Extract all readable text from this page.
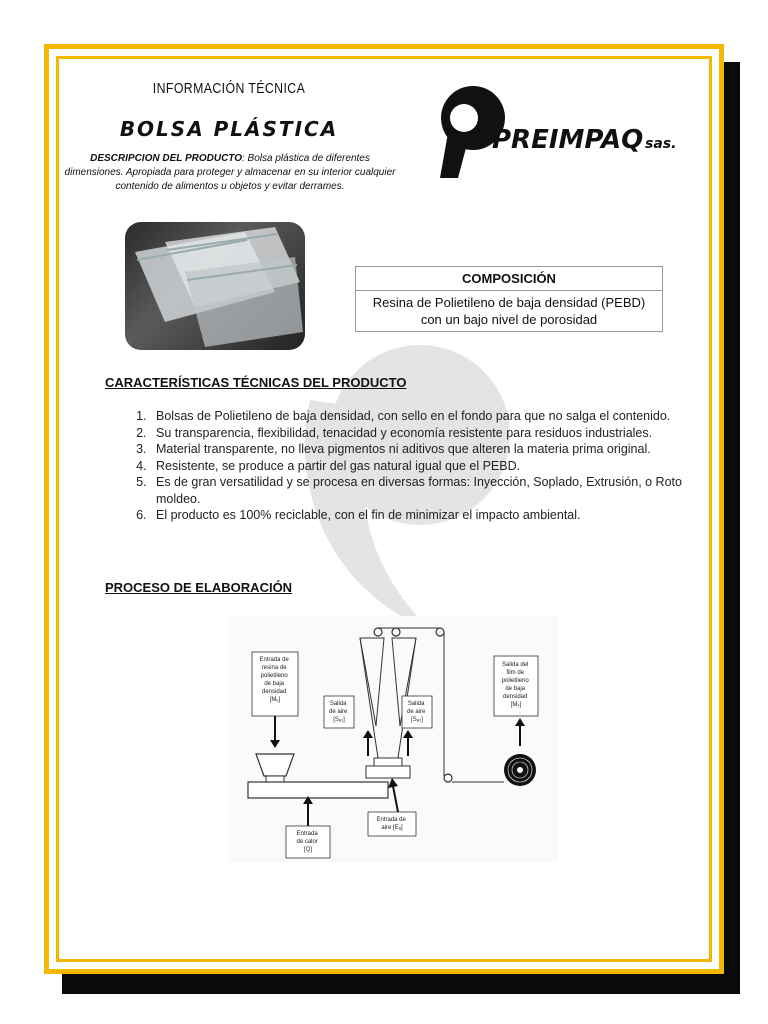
INFORMACIÓN TÉCNICA
BOLSA PLÁSTICA
DESCRIPCION DEL PRODUCTO: Bolsa plástica de diferentes dimensiones. Apropiada para proteger y almacenar en su interior cualquier contenido de alimentos u objetos y evitar derrames.
PREIMPAQ sas.
COMPOSICIÓN
Resina de Polietileno de baja densidad (PEBD) con un bajo nivel de porosidad
CARACTERÍSTICAS TÉCNICAS DEL PRODUCTO
1. Bolsas de Polietileno de baja densidad, con sello en el fondo para que no salga el contenido.
2. Su transparencia, flexibilidad, tenacidad y economía resistente para residuos industriales.
3. Material transparente, no lleva pigmentos ni aditivos que alteren la materia prima original.
4. Resistente, se produce a partir del gas natural igual que el PEBD.
5. Es de gran versatilidad y se procesa en diversas formas: Inyección, Soplado, Extrusión, o Roto moldeo.
6. El producto es 100% reciclable, con el fin de minimizar el impacto ambiental.
PROCESO DE ELABORACIÓN
Entrada de resina de polietileno de baja densidad [Mₑ]
Entrada de calor [Q]
Entrada de aire [Eₐ]
Salida de aire [Sₐ₁]
Salida de aire [Sₐ₂]
Salida del film de polietileno de baja densidad [Mₛ]
